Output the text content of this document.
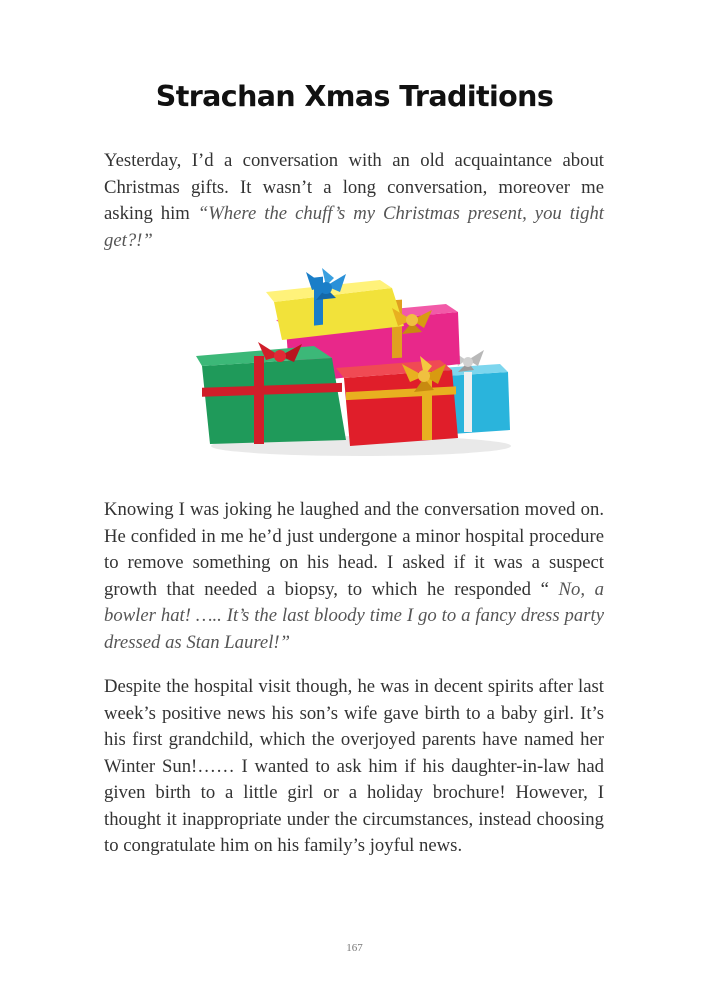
Strachan Xmas Traditions

Yesterday, I’d a conversation with an old acquaintance about Christmas gifts. It wasn’t a long conversation, moreover me asking him “Where the chuff’s my Christmas present, you tight get?!”

Knowing I was joking he laughed and the conversation moved on. He confided in me he’d just undergone a minor hospital procedure to remove something on his head. I asked if it was a suspect growth that needed a biopsy, to which he responded “ No, a bowler hat! ….. It’s the last bloody time I go to a fancy dress party dressed as Stan Laurel!”

Despite the hospital visit though, he was in decent spirits after last week’s positive news his son’s wife gave birth to a baby girl. It’s his first grandchild, which the overjoyed parents have named her Winter Sun!…… I wanted to ask him if his daughter-in-law had given birth to a little girl or a holiday brochure! However, I thought it inappropriate under the circumstances, instead choosing to congratulate him on his family’s joyful news.

167
